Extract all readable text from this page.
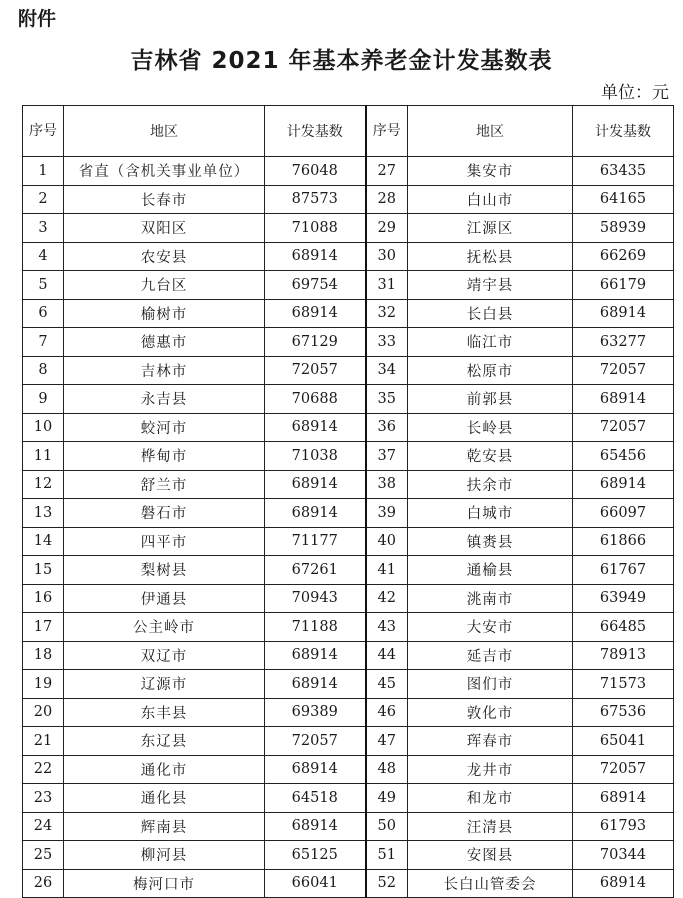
附件
吉林省 2021 年基本养老金计发基数表
单位：元
序号	地区	计发基数	序号	地区	计发基数
1	省直（含机关事业单位）	76048	27	集安市	63435
2	长春市	87573	28	白山市	64165
3	双阳区	71088	29	江源区	58939
4	农安县	68914	30	抚松县	66269
5	九台区	69754	31	靖宇县	66179
6	榆树市	68914	32	长白县	68914
7	德惠市	67129	33	临江市	63277
8	吉林市	72057	34	松原市	72057
9	永吉县	70688	35	前郭县	68914
10	蛟河市	68914	36	长岭县	72057
11	桦甸市	71038	37	乾安县	65456
12	舒兰市	68914	38	扶余市	68914
13	磐石市	68914	39	白城市	66097
14	四平市	71177	40	镇赉县	61866
15	梨树县	67261	41	通榆县	61767
16	伊通县	70943	42	洮南市	63949
17	公主岭市	71188	43	大安市	66485
18	双辽市	68914	44	延吉市	78913
19	辽源市	68914	45	图们市	71573
20	东丰县	69389	46	敦化市	67536
21	东辽县	72057	47	珲春市	65041
22	通化市	68914	48	龙井市	72057
23	通化县	64518	49	和龙市	68914
24	辉南县	68914	50	汪清县	61793
25	柳河县	65125	51	安图县	70344
26	梅河口市	66041	52	长白山管委会	68914
